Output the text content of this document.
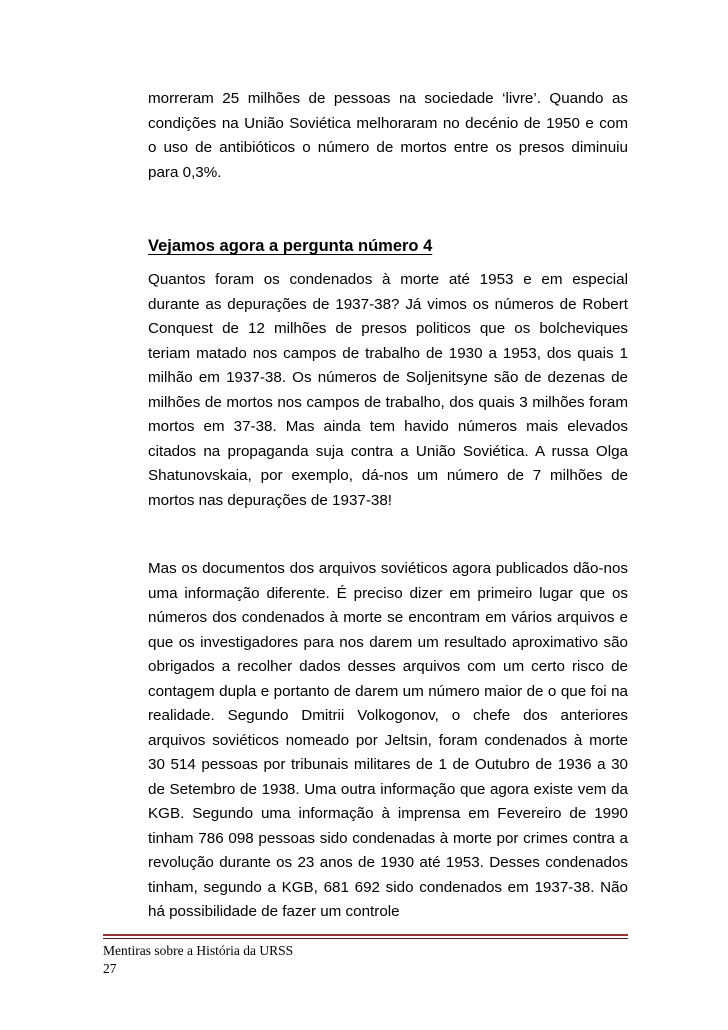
morreram 25 milhões de pessoas na sociedade ‘livre’. Quando as condições na União Soviética melhoraram no decénio de 1950 e com o uso de antibióticos o número de mortos entre os presos diminuiu para 0,3%.

Vejamos agora a pergunta número 4

Quantos foram os condenados à morte até 1953 e em especial durante as depurações de 1937-38? Já vimos os números de Robert Conquest de 12 milhões de presos politicos que os bolcheviques teriam matado nos campos de trabalho de 1930 a 1953, dos quais 1 milhão em 1937-38. Os números de Soljenitsyne são de dezenas de milhões de mortos nos campos de trabalho, dos quais 3 milhões foram mortos em 37-38. Mas ainda tem havido números mais elevados citados na propaganda suja contra a União Soviética. A russa Olga Shatunovskaia, por exemplo, dá-nos um número de 7 milhões de mortos nas depurações de 1937-38!

Mas os documentos dos arquivos soviéticos agora publicados dão-nos uma informação diferente. É preciso dizer em primeiro lugar que os números dos condenados à morte se encontram em vários arquivos e que os investigadores para nos darem um resultado aproximativo são obrigados a recolher dados desses arquivos com um certo risco de contagem dupla e portanto de darem um número maior de o que foi na realidade. Segundo Dmitrii Volkogonov, o chefe dos anteriores arquivos soviéticos nomeado por Jeltsin, foram condenados à morte 30 514 pessoas por tribunais militares de 1 de Outubro de 1936 a 30 de Setembro de 1938. Uma outra informação que agora existe vem da KGB. Segundo uma informação à imprensa em Fevereiro de 1990 tinham 786 098 pessoas sido condenadas à morte por crimes contra a revolução durante os 23 anos de 1930 até 1953. Desses condenados tinham, segundo a KGB, 681 692 sido condenados em 1937-38. Não há possibilidade de fazer um controle

Mentiras sobre a História da URSS

27
